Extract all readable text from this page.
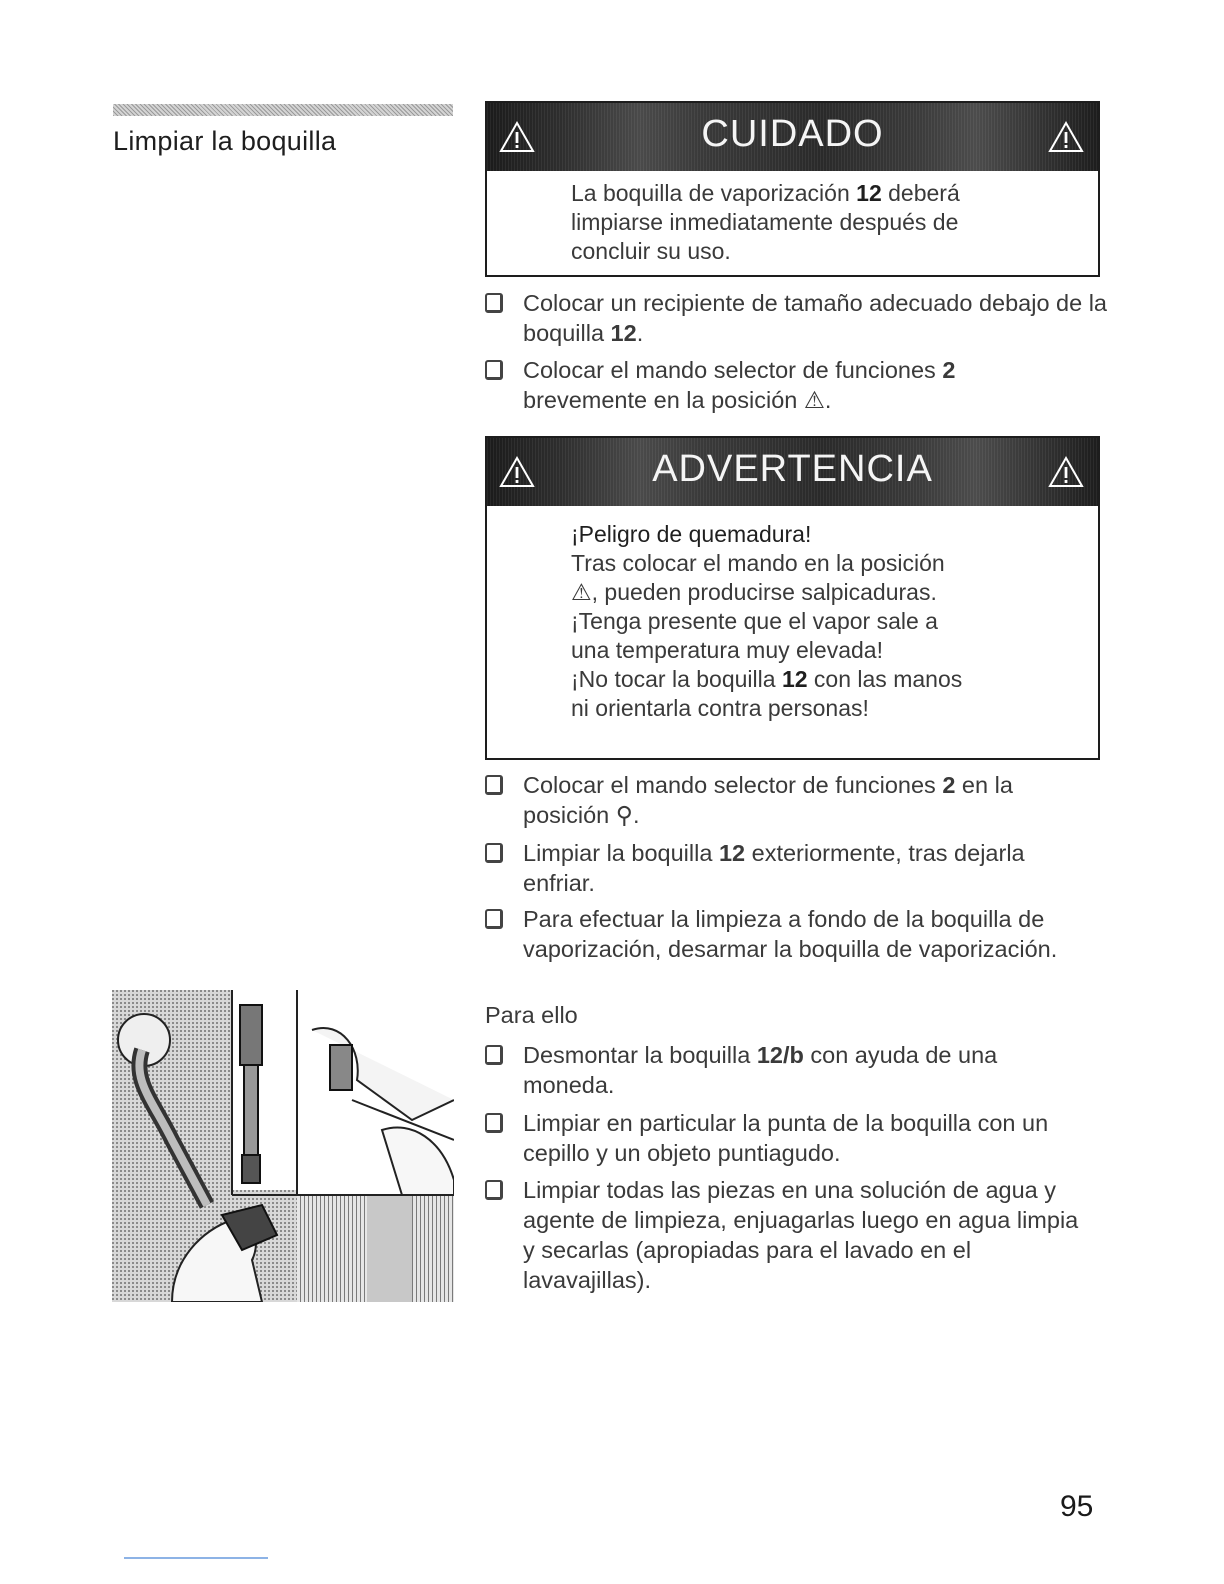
Limpiar la boquilla	CUIDADO
La boquilla de vaporización 12 deberá limpiarse inmediatamente después de concluir su uso.
Colocar un recipiente de tamaño adecuado debajo de la boquilla 12.
Colocar el mando selector de funciones 2 brevemente en la posición ⚠.
ADVERTENCIA
¡Peligro de quemadura!
Tras colocar el mando en la posición ⚠, pueden producirse salpicaduras.
¡Tenga presente que el vapor sale a una temperatura muy elevada!
¡No tocar la boquilla 12 con las manos ni orientarla contra personas!
Colocar el mando selector de funciones 2 en la posición ⚲.
Limpiar la boquilla 12 exteriormente, tras dejarla enfriar.
Para efectuar la limpieza a fondo de la boquilla de vaporización, desarmar la boquilla de vaporización.
Para ello
Desmontar la boquilla 12/b con ayuda de una moneda.
Limpiar en particular la punta de la boquilla con un cepillo y un objeto puntiagudo.
Limpiar todas las piezas en una solución de agua y agente de limpieza, enjuagarlas luego en agua limpia y secarlas (apropiadas para el lavado en el lavavajillas).
95
